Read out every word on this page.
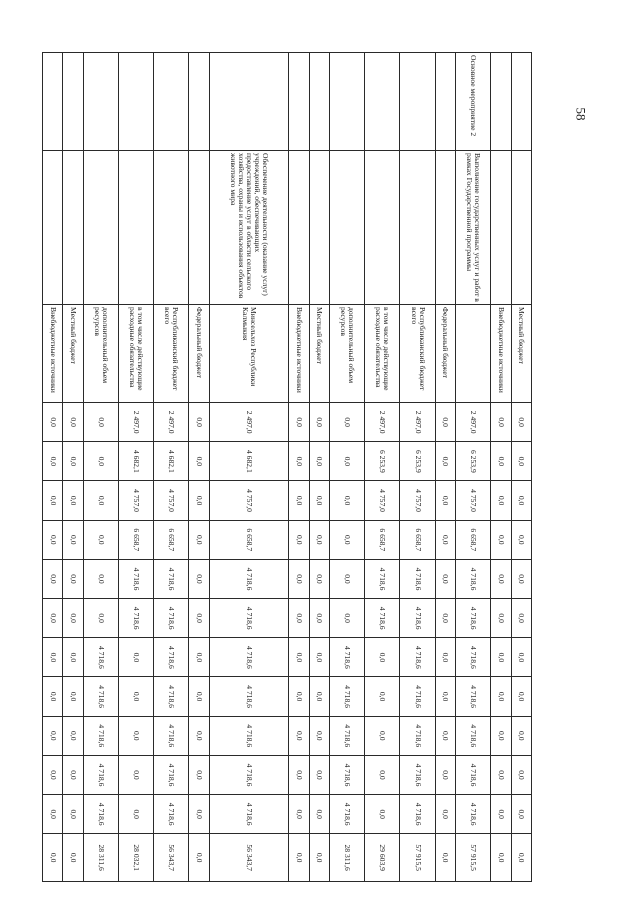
58
		Местный бюджет	0,0	0,0	0,0	0,0	0,0	0,0	0,0	0,0	0,0	0,0	0,0	0,0
		Внебюджетные источники	0,0	0,0	0,0	0,0	0,0	0,0	0,0	0,0	0,0	0,0	0,0	0,0
Основное мероприятие 2	Выполнение государственных услуг и работ в рамках Государственной программы		2 497,0	6 253,9	4 757,0	6 658,7	4 718,6	4 718,6	4 718,6	4 718,6	4 718,6	4 718,6	4 718,6	57 915,5
		Федеральный бюджет	0,0	0,0	0,0	0,0	0,0	0,0	0,0	0,0	0,0	0,0	0,0	0,0
		Республиканский бюджет всего	2 497,0	6 253,9	4 757,0	6 658,7	4 718,6	4 718,6	4 718,6	4 718,6	4 718,6	4 718,6	4 718,6	57 915,5
		в том числе действующие расходные обязательства	2 497,0	6 253,9	4 757,0	6 658,7	4 718,6	4 718,6	0,0	0,0	0,0	0,0	0,0	29 603,9
		дополнительный объем ресурсов	0,0	0,0	0,0	0,0	0,0	0,0	4 718,6	4 718,6	4 718,6	4 718,6	4 718,6	28 311,6
		Местный бюджет	0,0	0,0	0,0	0,0	0,0	0,0	0,0	0,0	0,0	0,0	0,0	0,0
		Внебюджетные источники	0,0	0,0	0,0	0,0	0,0	0,0	0,0	0,0	0,0	0,0	0,0	0,0
	Обеспечение деятельности (оказание услуг) учреждений, обеспечивающих предоставление услуг в области сельского хозяйства, охраны и использования объектов животного мира	Минсельхоз Республики Калмыкия	2 497,0	4 682,1	4 757,0	6 658,7	4 718,6	4 718,6	4 718,6	4 718,6	4 718,6	4 718,6	4 718,6	56 343,7
		Федеральный бюджет	0,0	0,0	0,0	0,0	0,0	0,0	0,0	0,0	0,0	0,0	0,0	0,0
		Республиканский бюджет всего	2 497,0	4 682,1	4 757,0	6 658,7	4 718,6	4 718,6	4 718,6	4 718,6	4 718,6	4 718,6	4 718,6	56 343,7
		в том числе действующие расходные обязательства	2 497,0	4 682,1	4 757,0	6 658,7	4 718,6	4 718,6	0,0	0,0	0,0	0,0	0,0	28 032,1
		дополнительный объем ресурсов	0,0	0,0	0,0	0,0	0,0	0,0	4 718,6	4 718,6	4 718,6	4 718,6	4 718,6	28 311,6
		Местный бюджет	0,0	0,0	0,0	0,0	0,0	0,0	0,0	0,0	0,0	0,0	0,0	0,0
		Внебюджетные источники	0,0	0,0	0,0	0,0	0,0	0,0	0,0	0,0	0,0	0,0	0,0	0,0
